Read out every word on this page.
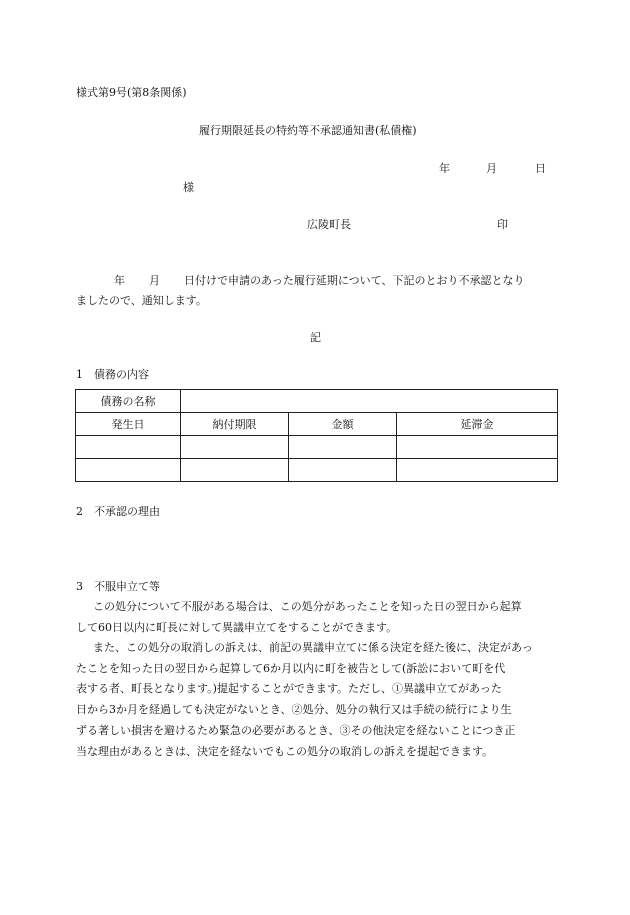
様式第9号(第8条関係)
履行期限延長の特約等不承認通知書(私債権)
年	月	日
様
広陵町長	印
年 月 日付けで申請のあった履行延期について、下記のとおり不承認となり
ましたので、通知します。
記
1　債務の内容
債務の名称			
発生日	納付期限	金額	延滞金

2　不承認の理由
3　不服申立て等
この処分について不服がある場合は、この処分があったことを知った日の翌日から起算
して60日以内に町長に対して異議申立てをすることができます。
また、この処分の取消しの訴えは、前記の異議申立てに係る決定を経た後に、決定があっ
たことを知った日の翌日から起算して6か月以内に町を被告として(訴訟において町を代
表する者、町長となります。)提起することができます。ただし、①異議申立てがあった
日から3か月を経過しても決定がないとき、②処分、処分の執行又は手続の続行により生
ずる著しい損害を避けるため緊急の必要があるとき、③その他決定を経ないことにつき正
当な理由があるときは、決定を経ないでもこの処分の取消しの訴えを提起できます。
